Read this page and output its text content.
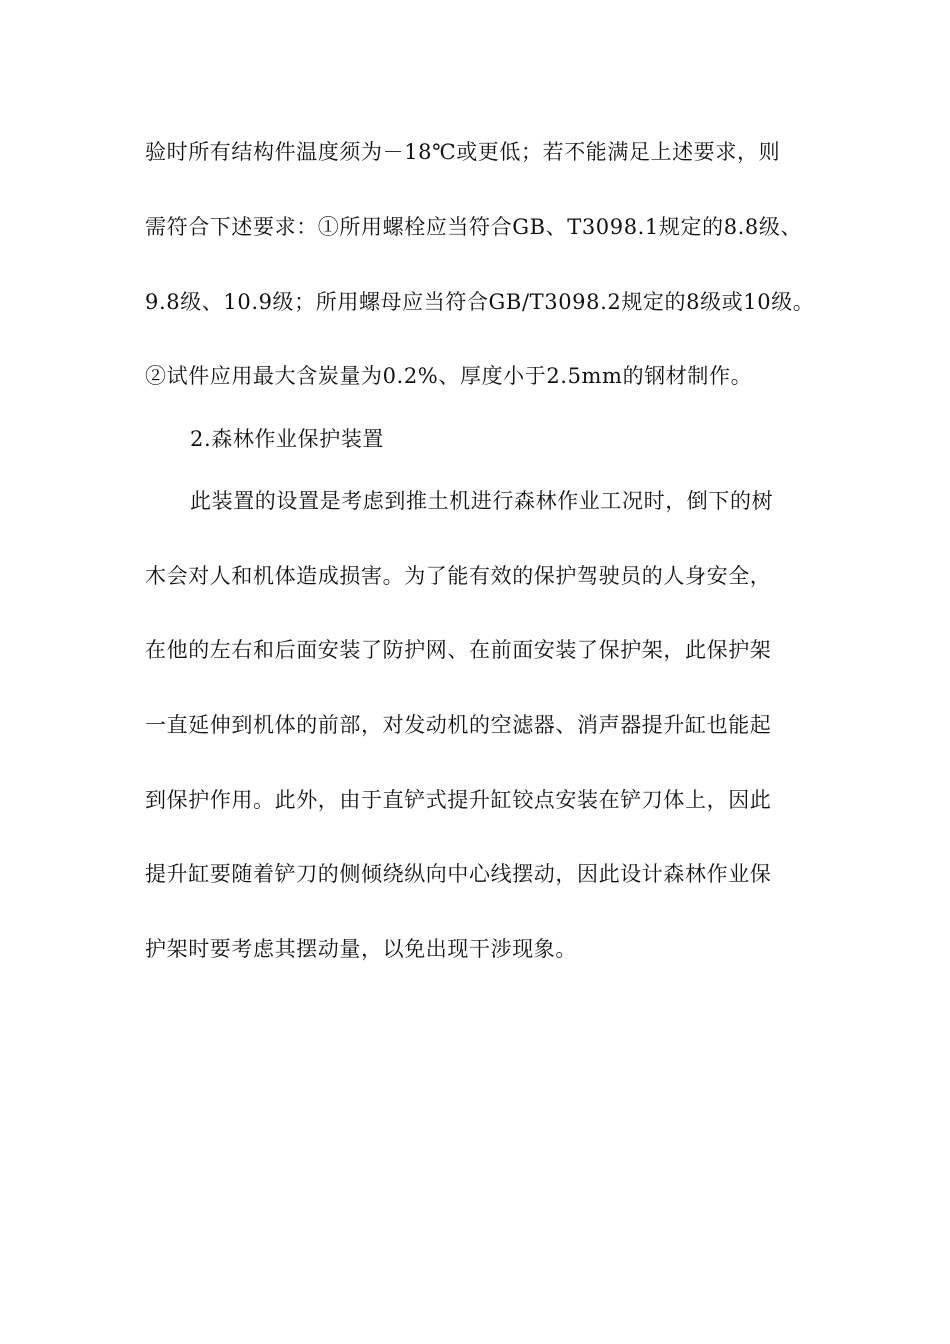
验时所有结构件温度须为－18℃或更低；若不能满足上述要求，则
需符合下述要求：①所用螺栓应当符合GB、T3098.1规定的8.8级、
9.8级、10.9级；所用螺母应当符合GB/T3098.2规定的8级或10级。
②试件应用最大含炭量为0.2%、厚度小于2.5mm的钢材制作。
2.森林作业保护装置
此装置的设置是考虑到推土机进行森林作业工况时，倒下的树
木会对人和机体造成损害。为了能有效的保护驾驶员的人身安全，
在他的左右和后面安装了防护网、在前面安装了保护架，此保护架
一直延伸到机体的前部，对发动机的空滤器、消声器提升缸也能起
到保护作用。此外，由于直铲式提升缸铰点安装在铲刀体上，因此
提升缸要随着铲刀的侧倾绕纵向中心线摆动，因此设计森林作业保
护架时要考虑其摆动量，以免出现干涉现象。
